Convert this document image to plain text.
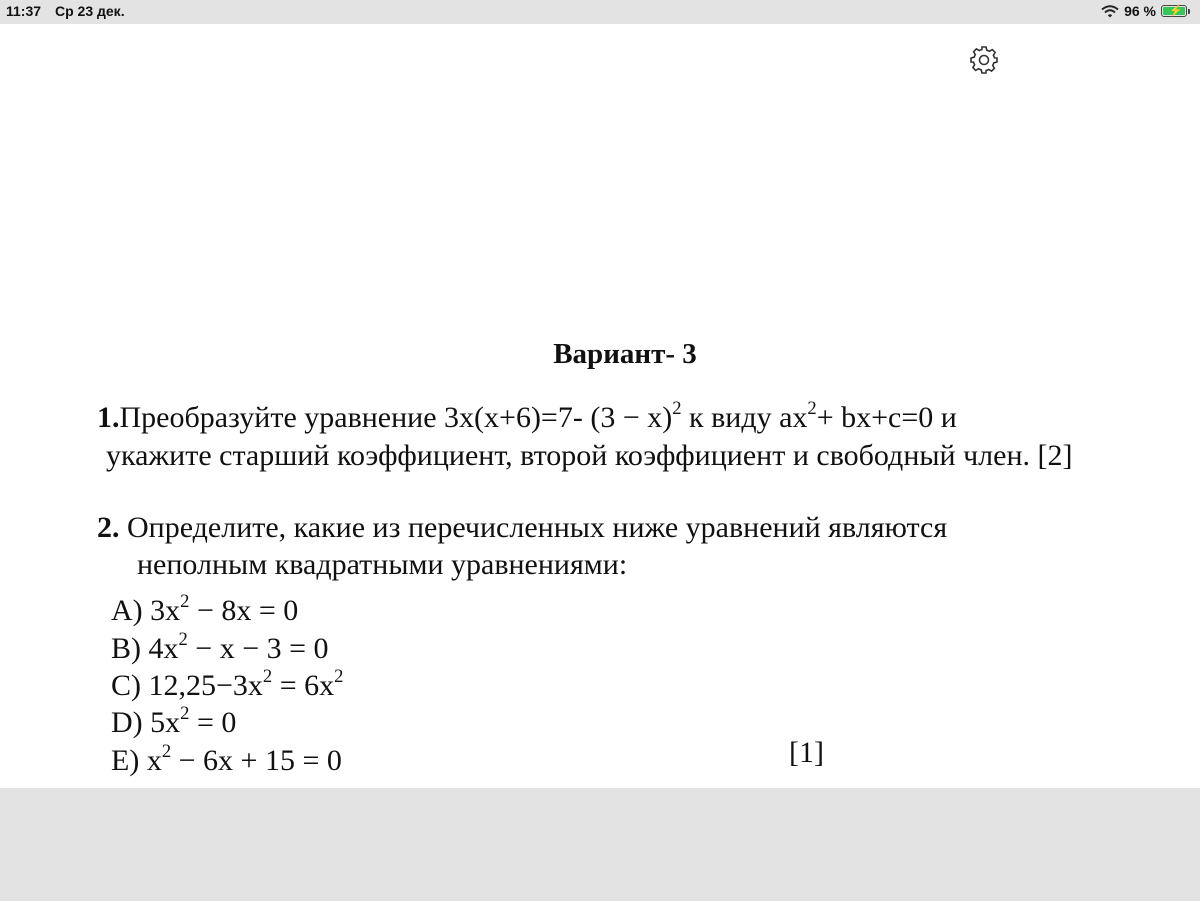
11:37 Ср 23 дек.	96 % ⚡
Вариант- 3
1.Преобразуйте уравнение 3х(х+6)=7- $(3 - х)^2$ к виду $ax^2+ bx+c=0$ и
укажите старший коэффициент, второй коэффициент и свободный член. [2]
2. Определите, какие из перечисленных ниже уравнений являются
неполным квадратными уравнениями:
A) $3x^2 - 8x = 0$
B) $4x^2 - x - 3 = 0$
C) $12,25-3x^2 = 6x^2$
D) $5x^2 = 0$
E) $x^2 - 6x + 15 = 0$	[1]
